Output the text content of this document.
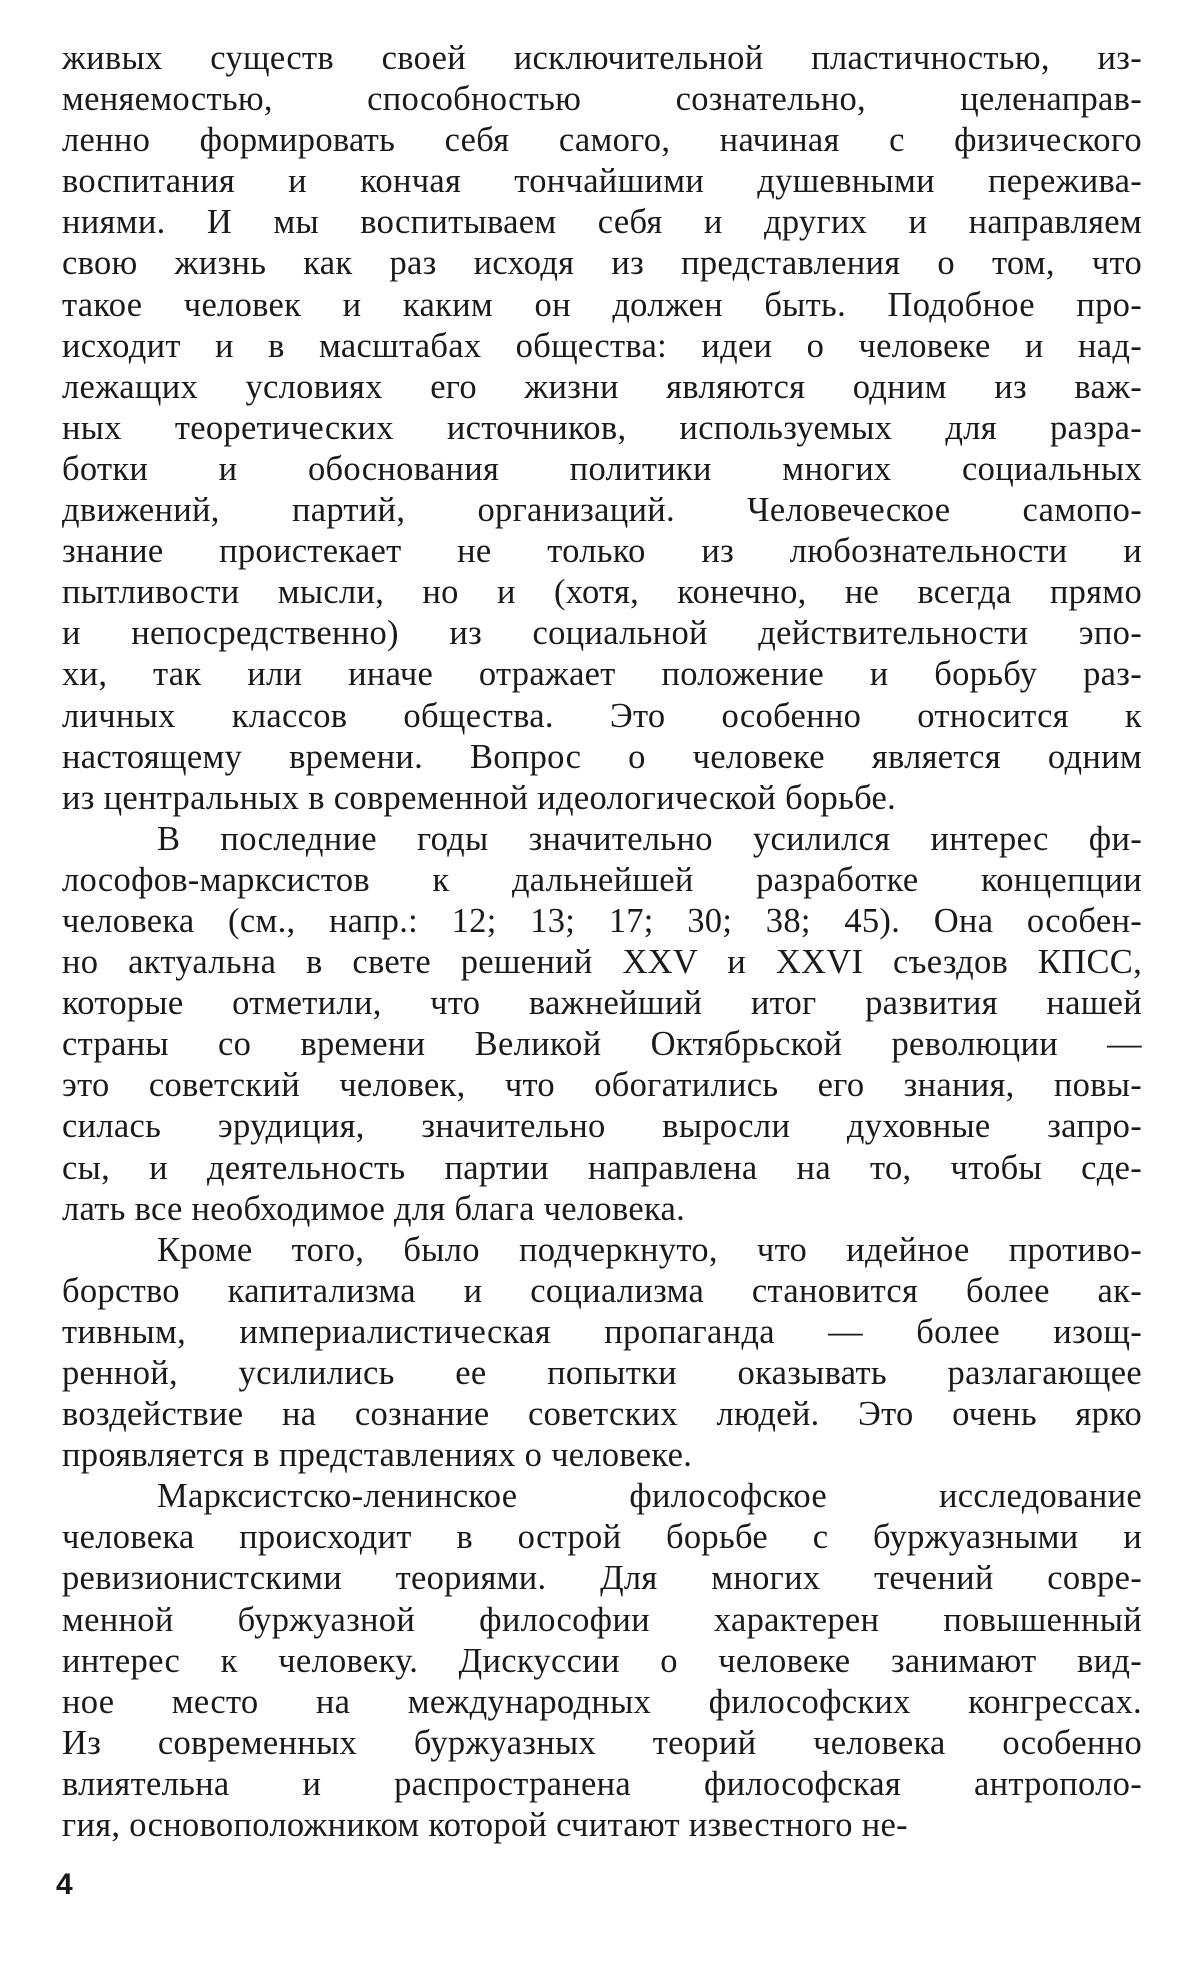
живых существ своей исключительной пластичностью, из-
меняемостью, способностью сознательно, целенаправ-
ленно формировать себя самого, начиная с физического
воспитания и кончая тончайшими душевными пережива-
ниями. И мы воспитываем себя и других и направляем
свою жизнь как раз исходя из представления о том, что
такое человек и каким он должен быть. Подобное про-
исходит и в масштабах общества: идеи о человеке и над-
лежащих условиях его жизни являются одним из важ-
ных теоретических источников, используемых для разра-
ботки и обоснования политики многих социальных
движений, партий, организаций. Человеческое самопо-
знание проистекает не только из любознательности и
пытливости мысли, но и (хотя, конечно, не всегда прямо
и непосредственно) из социальной действительности эпо-
хи, так или иначе отражает положение и борьбу раз-
личных классов общества. Это особенно относится к
настоящему времени. Вопрос о человеке является одним
из центральных в современной идеологической борьбе.
В последние годы значительно усилился интерес фи-
лософов-марксистов к дальнейшей разработке концепции
человека (см., напр.: 12; 13; 17; 30; 38; 45). Она особен-
но актуальна в свете решений XXV и XXVI съездов КПСС,
которые отметили, что важнейший итог развития нашей
страны со времени Великой Октябрьской революции —
это советский человек, что обогатились его знания, повы-
силась эрудиция, значительно выросли духовные запро-
сы, и деятельность партии направлена на то, чтобы сде-
лать все необходимое для блага человека.
Кроме того, было подчеркнуто, что идейное противо-
борство капитализма и социализма становится более ак-
тивным, империалистическая пропаганда — более изощ-
ренной, усилились ее попытки оказывать разлагающее
воздействие на сознание советских людей. Это очень ярко
проявляется в представлениях о человеке.
Марксистско-ленинское философское исследование
человека происходит в острой борьбе с буржуазными и
ревизионистскими теориями. Для многих течений совре-
менной буржуазной философии характерен повышенный
интерес к человеку. Дискуссии о человеке занимают вид-
ное место на международных философских конгрессах.
Из современных буржуазных теорий человека особенно
влиятельна и распространена философская антрополо-
гия, основоположником которой считают известного не-
4
